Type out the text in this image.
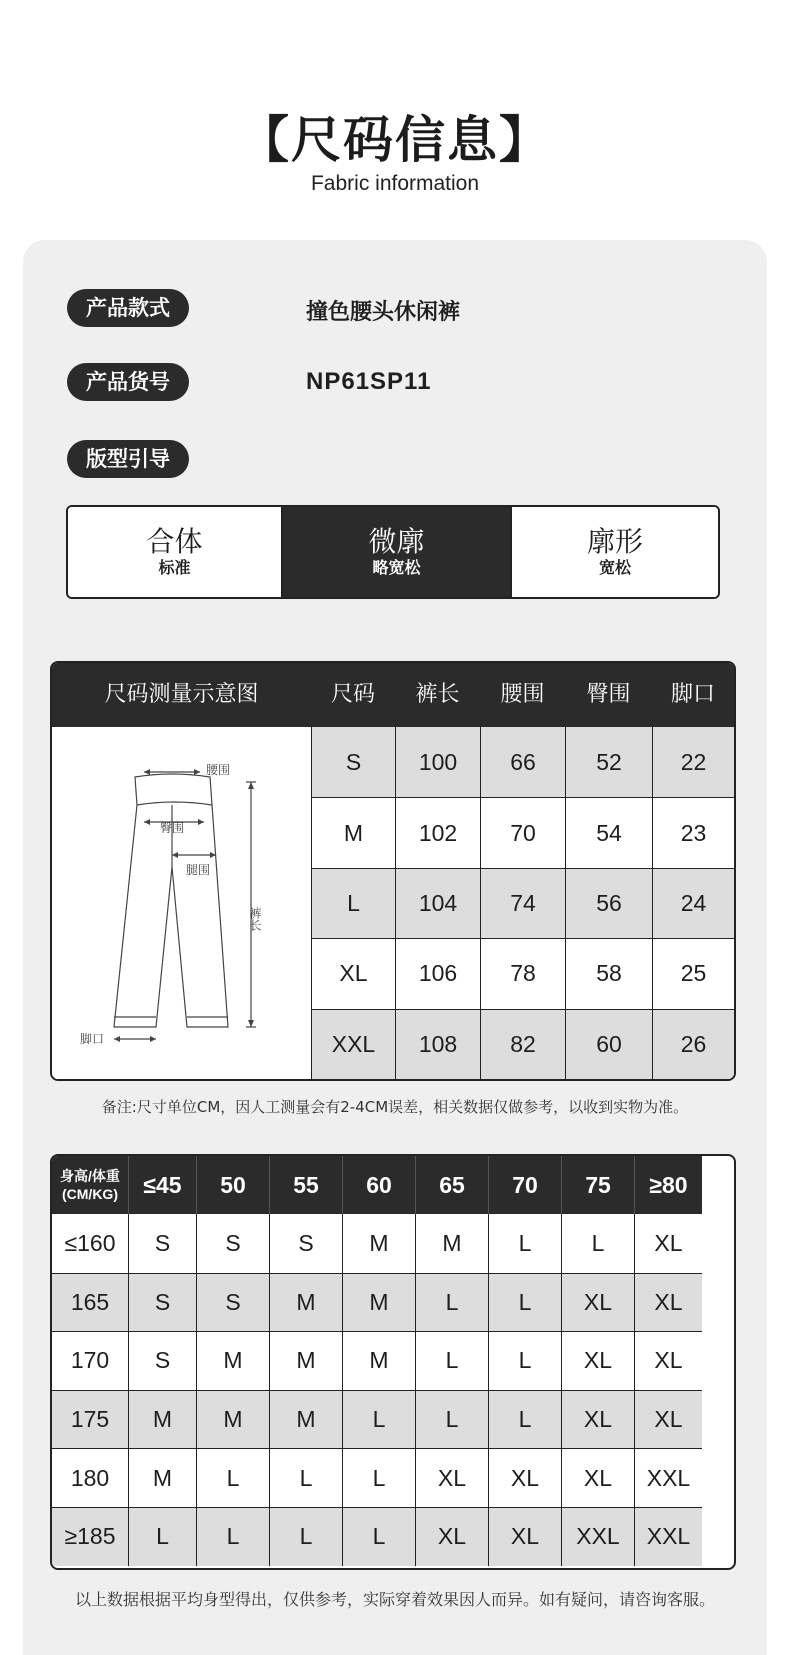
【尺码信息】
Fabric information
产品款式	撞色腰头休闲裤
产品货号	NP61SP11
版型引导
合体
标准
微廓
略宽松
廓形
宽松
尺码测量示意图	尺码	裤长	腰围	臀围	脚口
腰围
臀围
腿围
脚口
裤长
S	100	66	52	22
M	102	70	54	23
L	104	74	56	24
XL	106	78	58	25
XXL	108	82	60	26
备注:尺寸单位CM，因人工测量会有2-4CM误差，相关数据仅做参考，以收到实物为准。
身高/体重
(CM/KG)	≤45	50	55	60	65	70	75	≥80
≤160	S	S	S	M	M	L	L	XL
165	S	S	M	M	L	L	XL	XL
170	S	M	M	M	L	L	XL	XL
175	M	M	M	L	L	L	XL	XL
180	M	L	L	L	XL	XL	XL	XXL
≥185	L	L	L	L	XL	XL	XXL	XXL
以上数据根据平均身型得出，仅供参考，实际穿着效果因人而异。如有疑问，请咨询客服。
